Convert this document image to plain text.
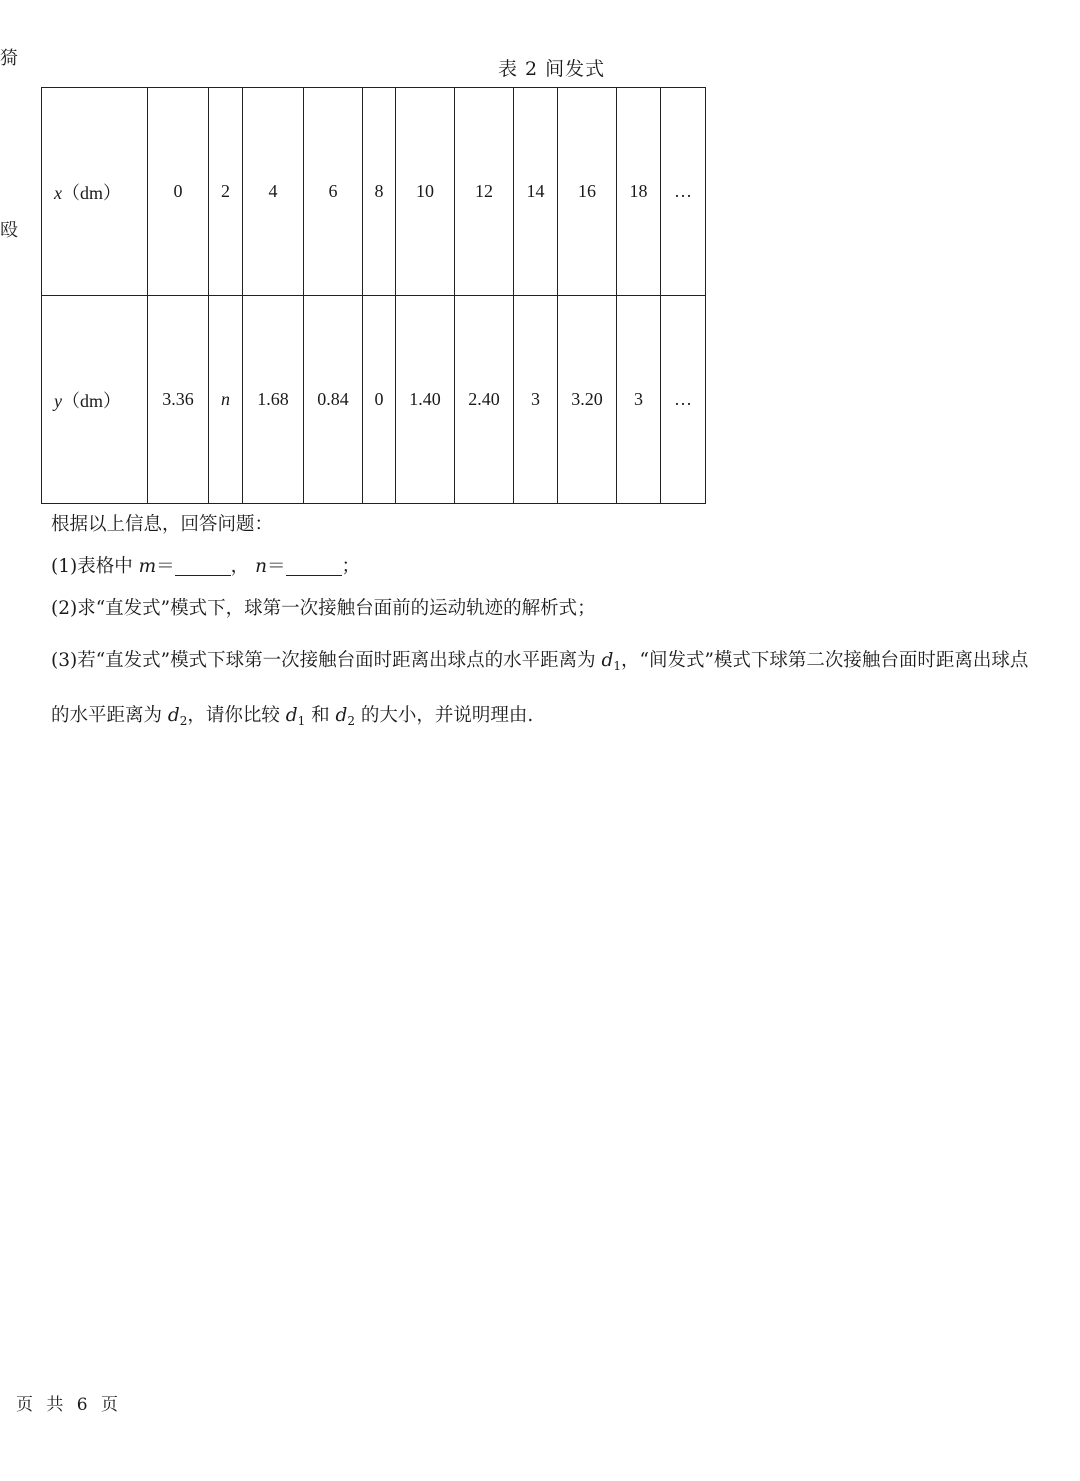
猗
殴
表 2 间发式
x（dm）	0	2	4	6	8	10	12	14	16	18	…
y（dm）	3.36	n	1.68	0.84	0	1.40	2.40	3	3.20	3	…
根据以上信息，回答问题：
(1)表格中 m＝	， n＝	；
(2)求“直发式”模式下，球第一次接触台面前的运动轨迹的解析式；
(3)若“直发式”模式下球第一次接触台面时距离出球点的水平距离为 $d_1$，“间发式”模式下球第二次接触台面时距离出球点
的水平距离为 $d_2$，请你比较 $d_1$ 和 $d_2$ 的大小，并说明理由.
页 共 6 页
